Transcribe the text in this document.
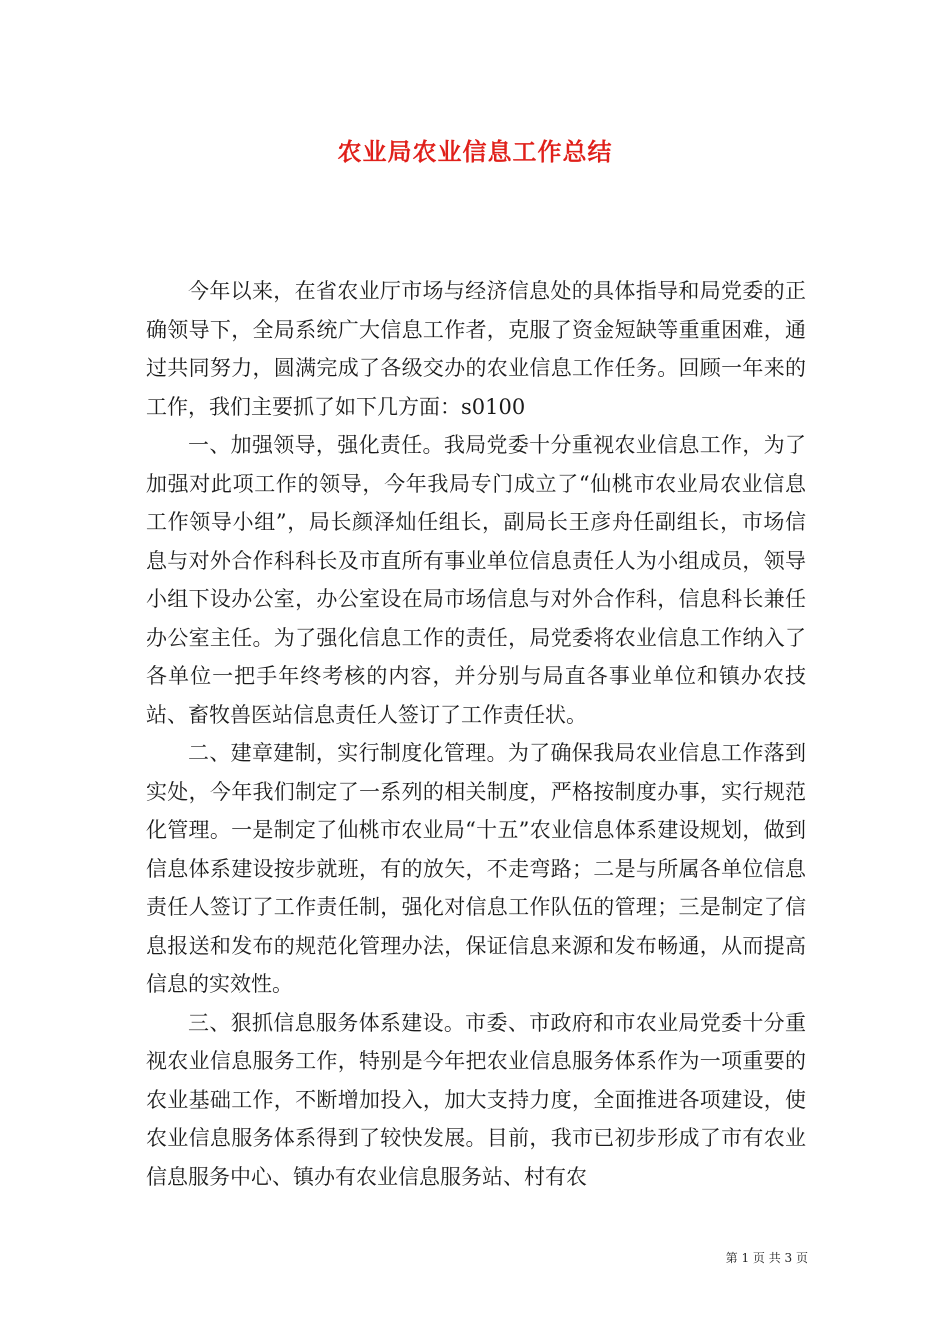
农业局农业信息工作总结

今年以来，在省农业厅市场与经济信息处的具体指导和局党委的正确领导下，全局系统广大信息工作者，克服了资金短缺等重重困难，通过共同努力，圆满完成了各级交办的农业信息工作任务。回顾一年来的工作，我们主要抓了如下几方面：s0100

一、加强领导，强化责任。我局党委十分重视农业信息工作，为了加强对此项工作的领导，今年我局专门成立了“仙桃市农业局农业信息工作领导小组”，局长颜泽灿任组长，副局长王彦舟任副组长，市场信息与对外合作科科长及市直所有事业单位信息责任人为小组成员，领导小组下设办公室，办公室设在局市场信息与对外合作科，信息科长兼任办公室主任。为了强化信息工作的责任，局党委将农业信息工作纳入了各单位一把手年终考核的内容，并分别与局直各事业单位和镇办农技站、畜牧兽医站信息责任人签订了工作责任状。

二、建章建制，实行制度化管理。为了确保我局农业信息工作落到实处，今年我们制定了一系列的相关制度，严格按制度办事，实行规范化管理。一是制定了仙桃市农业局“十五”农业信息体系建设规划，做到信息体系建设按步就班，有的放矢，不走弯路；二是与所属各单位信息责任人签订了工作责任制，强化对信息工作队伍的管理；三是制定了信息报送和发布的规范化管理办法，保证信息来源和发布畅通，从而提高信息的实效性。

三、狠抓信息服务体系建设。市委、市政府和市农业局党委十分重视农业信息服务工作，特别是今年把农业信息服务体系作为一项重要的农业基础工作，不断增加投入，加大支持力度，全面推进各项建设，使农业信息服务体系得到了较快发展。目前，我市已初步形成了市有农业信息服务中心、镇办有农业信息服务站、村有农

第 1 页 共 3 页
